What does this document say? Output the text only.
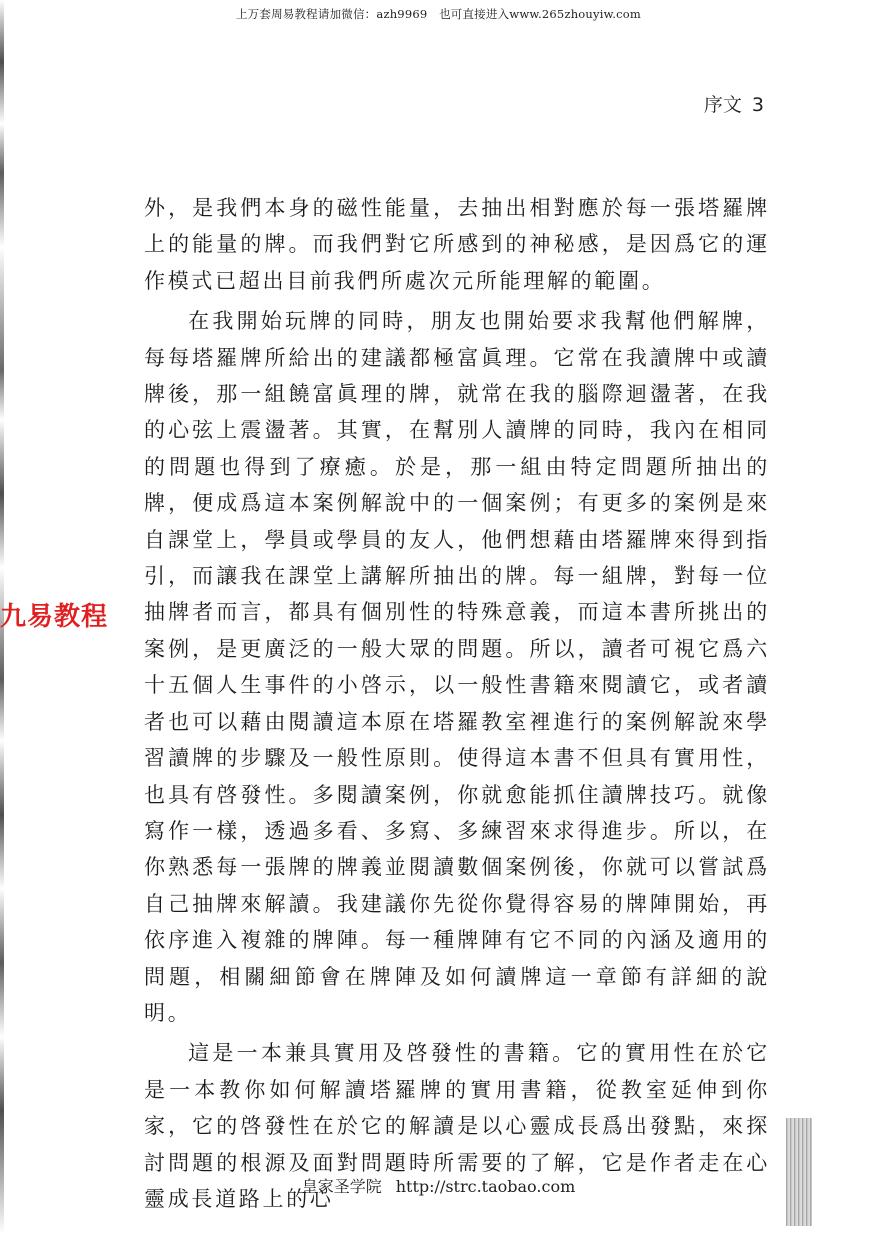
上万套周易教程请加微信：azh9969　也可直接进入www.265zhouyiw.com
序文 3

外，是我們本身的磁性能量，去抽出相對應於每一張塔羅牌上的能量的牌。而我們對它所感到的神秘感，是因爲它的運作模式已超出目前我們所處次元所能理解的範圍。

在我開始玩牌的同時，朋友也開始要求我幫他們解牌，每每塔羅牌所給出的建議都極富眞理。它常在我讀牌中或讀牌後，那一組饒富眞理的牌，就常在我的腦際迴盪著，在我的心弦上震盪著。其實，在幫別人讀牌的同時，我內在相同的問題也得到了療癒。於是，那一組由特定問題所抽出的牌，便成爲這本案例解說中的一個案例；有更多的案例是來自課堂上，學員或學員的友人，他們想藉由塔羅牌來得到指引，而讓我在課堂上講解所抽出的牌。每一組牌，對每一位抽牌者而言，都具有個別性的特殊意義，而這本書所挑出的案例，是更廣泛的一般大眾的問題。所以，讀者可視它爲六十五個人生事件的小啓示，以一般性書籍來閱讀它，或者讀者也可以藉由閱讀這本原在塔羅教室裡進行的案例解說來學習讀牌的步驟及一般性原則。使得這本書不但具有實用性，也具有啓發性。多閱讀案例，你就愈能抓住讀牌技巧。就像寫作一樣，透過多看、多寫、多練習來求得進步。所以，在你熟悉每一張牌的牌義並閱讀數個案例後，你就可以嘗試爲自己抽牌來解讀。我建議你先從你覺得容易的牌陣開始，再依序進入複雜的牌陣。每一種牌陣有它不同的內涵及適用的問題，相關細節會在牌陣及如何讀牌這一章節有詳細的說明。

這是一本兼具實用及啓發性的書籍。它的實用性在於它是一本教你如何解讀塔羅牌的實用書籍，從教室延伸到你家，它的啓發性在於它的解讀是以心靈成長爲出發點，來探討問題的根源及面對問題時所需要的了解，它是作者走在心靈成長道路上的心

九易教程
皇家圣学院 http://strc.taobao.com
